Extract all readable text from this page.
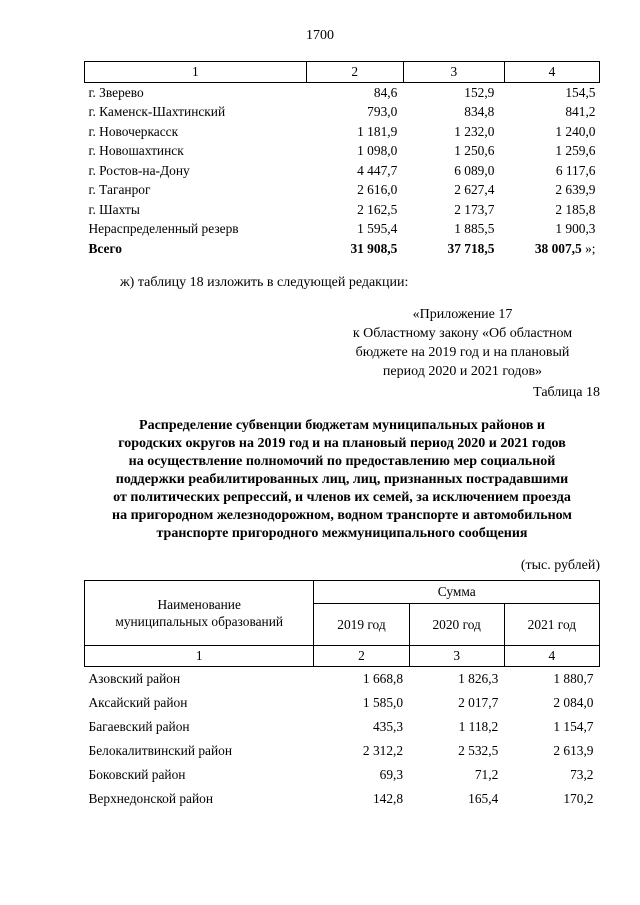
1700
1	2	3	4
г. Зверево	84,6	152,9	154,5
г. Каменск-Шахтинский	793,0	834,8	841,2
г. Новочеркасск	1 181,9	1 232,0	1 240,0
г. Новошахтинск	1 098,0	1 250,6	1 259,6
г. Ростов-на-Дону	4 447,7	6 089,0	6 117,6
г. Таганрог	2 616,0	2 627,4	2 639,9
г. Шахты	2 162,5	2 173,7	2 185,8
Нераспределенный резерв	1 595,4	1 885,5	1 900,3
Всего	31 908,5	37 718,5	38 007,5 »;
ж) таблицу 18 изложить в следующей редакции:
«Приложение 17
к Областному закону «Об областном
бюджете на 2019 год и на плановый
период 2020 и 2021 годов»
Таблица 18
Распределение субвенции бюджетам муниципальных районов и
городских округов на 2019 год и на плановый период 2020 и 2021 годов
на осуществление полномочий по предоставлению мер социальной
поддержки реабилитированных лиц, лиц, признанных пострадавшими
от политических репрессий, и членов их семей, за исключением проезда
на пригородном железнодорожном, водном транспорте и автомобильном
транспорте пригородного межмуниципального сообщения
(тыс. рублей)
Наименование
муниципальных образований	Сумма		
	2019 год	2020 год	2021 год
1	2	3	4
Азовский район	1 668,8	1 826,3	1 880,7
Аксайский район	1 585,0	2 017,7	2 084,0
Багаевский район	435,3	1 118,2	1 154,7
Белокалитвинский район	2 312,2	2 532,5	2 613,9
Боковский район	69,3	71,2	73,2
Верхнедонской район	142,8	165,4	170,2
